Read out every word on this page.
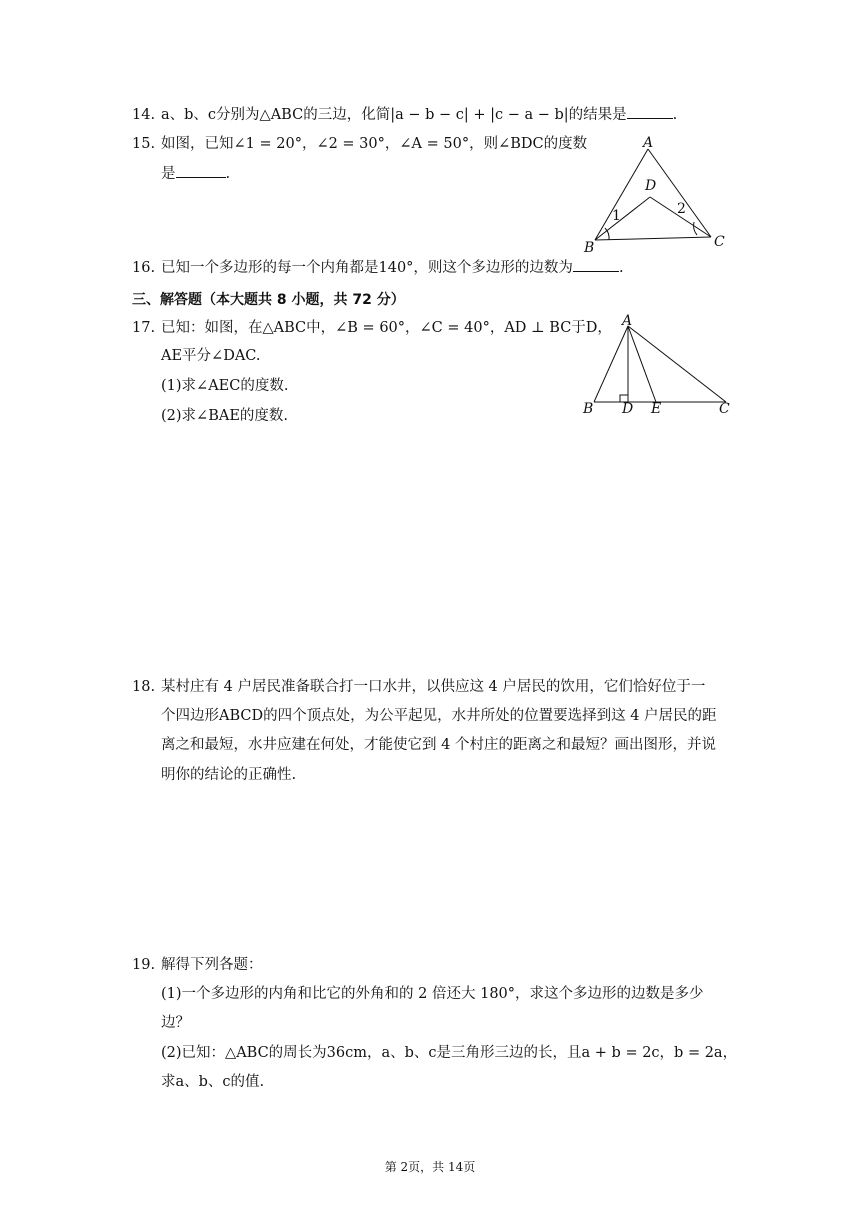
14. a、b、c分别为△ABC的三边，化简|a − b − c| + |c − a − b|的结果是	.
15. 如图，已知∠1 = 20°，∠2 = 30°，∠A = 50°，则∠BDC的度数
是	.
A
B	C
D
1	2
16. 已知一个多边形的每一个内角都是140°，则这个多边形的边数为	.
三、解答题（本大题共 8 小题，共 72 分）
17. 已知：如图，在△ABC中，∠B = 60°，∠C = 40°，AD ⊥ BC于D，
AE平分∠DAC.
(1)求∠AEC的度数.
(2)求∠BAE的度数.
A
B D E	C
18. 某村庄有 4 户居民准备联合打一口水井，以供应这 4 户居民的饮用，它们恰好位于一
个四边形ABCD的四个顶点处，为公平起见，水井所处的位置要选择到这 4 户居民的距
离之和最短，水井应建在何处，才能使它到 4 个村庄的距离之和最短？画出图形，并说
明你的结论的正确性.
19. 解得下列各题：
(1)一个多边形的内角和比它的外角和的 2 倍还大 180°，求这个多边形的边数是多少
边？
(2)已知：△ABC的周长为36cm，a、b、c是三角形三边的长，且a + b = 2c，b = 2a，
求a、b、c的值.
第 2页，共 14页
